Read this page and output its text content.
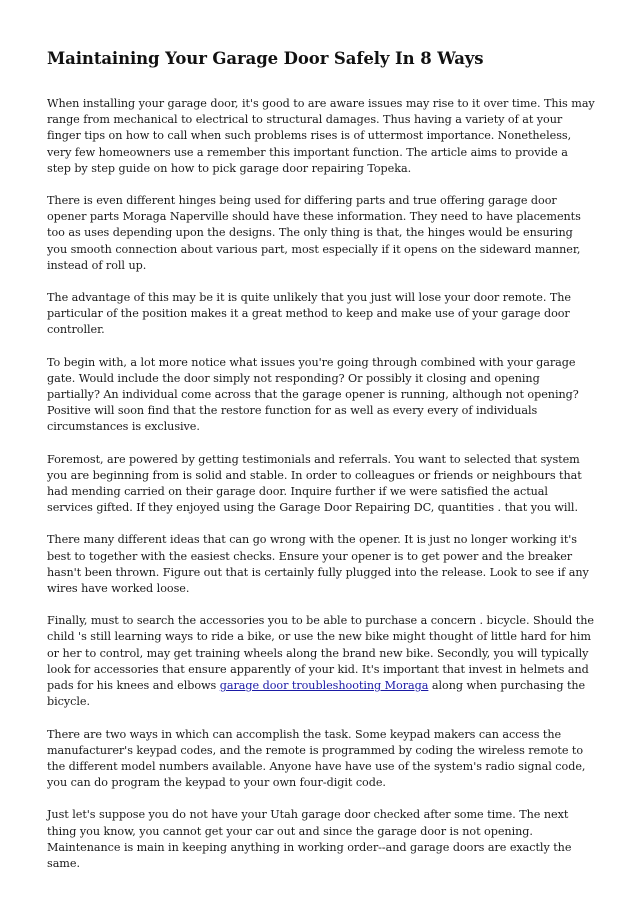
Maintaining Your Garage Door Safely In 8 Ways

When installing your garage door, it's good to are aware issues may rise to it over time. This may range from mechanical to electrical to structural damages. Thus having a variety of at your finger tips on how to call when such problems rises is of uttermost importance. Nonetheless, very few homeowners use a remember this important function. The article aims to provide a step by step guide on how to pick garage door repairing Topeka.

There is even different hinges being used for differing parts and true offering garage door opener parts Moraga Naperville should have these information. They need to have placements too as uses depending upon the designs. The only thing is that, the hinges would be ensuring you smooth connection about various part, most especially if it opens on the sideward manner, instead of roll up.

The advantage of this may be it is quite unlikely that you just will lose your door remote. The particular of the position makes it a great method to keep and make use of your garage door controller.

To begin with, a lot more notice what issues you're going through combined with your garage gate. Would include the door simply not responding? Or possibly it closing and opening partially? An individual come across that the garage opener is running, although not opening? Positive will soon find that the restore function for as well as every every of individuals circumstances is exclusive.

Foremost, are powered by getting testimonials and referrals. You want to selected that system you are beginning from is solid and stable. In order to colleagues or friends or neighbours that had mending carried on their garage door. Inquire further if we were satisfied the actual services gifted. If they enjoyed using the Garage Door Repairing DC, quantities . that you will.

There many different ideas that can go wrong with the opener. It is just no longer working it's best to together with the easiest checks. Ensure your opener is to get power and the breaker hasn't been thrown. Figure out that is certainly fully plugged into the release. Look to see if any wires have worked loose.

Finally, must to search the accessories you to be able to purchase a concern . bicycle. Should the child 's still learning ways to ride a bike, or use the new bike might thought of little hard for him or her to control, may get training wheels along the brand new bike. Secondly, you will typically look for accessories that ensure apparently of your kid. It's important that invest in helmets and pads for his knees and elbows garage door troubleshooting Moraga along when purchasing the bicycle.

There are two ways in which can accomplish the task. Some keypad makers can access the manufacturer's keypad codes, and the remote is programmed by coding the wireless remote to the different model numbers available. Anyone have have use of the system's radio signal code, you can do program the keypad to your own four-digit code.

Just let's suppose you do not have your Utah garage door checked after some time. The next thing you know, you cannot get your car out and since the garage door is not opening. Maintenance is main in keeping anything in working order--and garage doors are exactly the same.
